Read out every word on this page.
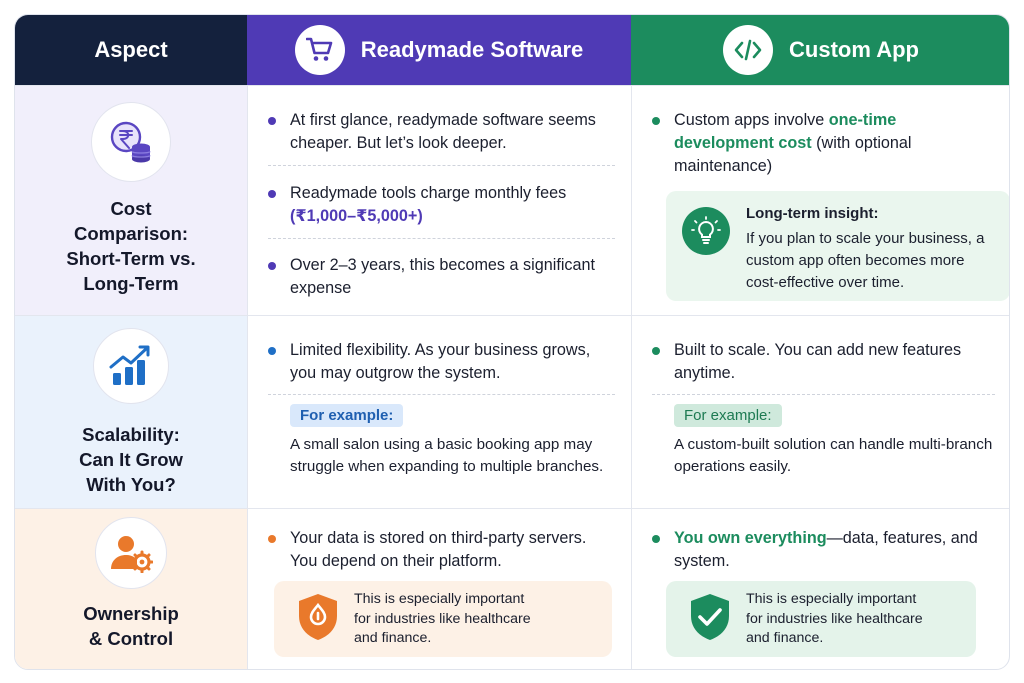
Aspect	Readymade Software	Custom App
Cost
Comparison:
Short-Term vs.
Long-Term
At first glance, readymade software seems cheaper. But let’s look deeper.
Readymade tools charge monthly fees (₹1,000–₹5,000+)
Over 2–3 years, this becomes a significant expense
Custom apps involve one-time development cost (with optional maintenance)
Long-term insight:
If you plan to scale your business, a custom app often becomes more cost-effective over time.
Scalability:
Can It Grow
With You?
Limited flexibility. As your business grows, you may outgrow the system.
For example:
A small salon using a basic booking app may struggle when expanding to multiple branches.
Built to scale. You can add new features anytime.
For example:
A custom-built solution can handle multi-branch operations easily.
Ownership
& Control
Your data is stored on third-party servers. You depend on their platform.
This is especially important
for industries like healthcare
and finance.
You own everything—data, features, and system.
This is especially important
for industries like healthcare
and finance.
